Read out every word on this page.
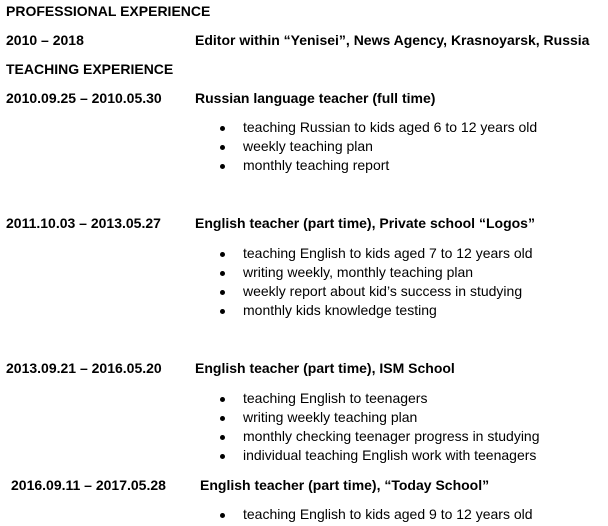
PROFESSIONAL EXPERIENCE
2010 – 2018	Editor within “Yenisei”, News Agency, Krasnoyarsk, Russia
TEACHING EXPERIENCE
2010.09.25 – 2010.05.30 Russian language teacher (full time)
teaching Russian to kids aged 6 to 12 years old
weekly teaching plan
monthly teaching report
2011.10.03 – 2013.05.27 English teacher (part time), Private school “Logos”
teaching English to kids aged 7 to 12 years old
writing weekly, monthly teaching plan
weekly report about kid’s success in studying
monthly kids knowledge testing
2013.09.21 – 2016.05.20 English teacher (part time), ISM School
teaching English to teenagers
writing weekly teaching plan
monthly checking teenager progress in studying
individual teaching English work with teenagers
2016.09.11 – 2017.05.28 English teacher (part time), “Today School”
teaching English to kids aged 9 to 12 years old
